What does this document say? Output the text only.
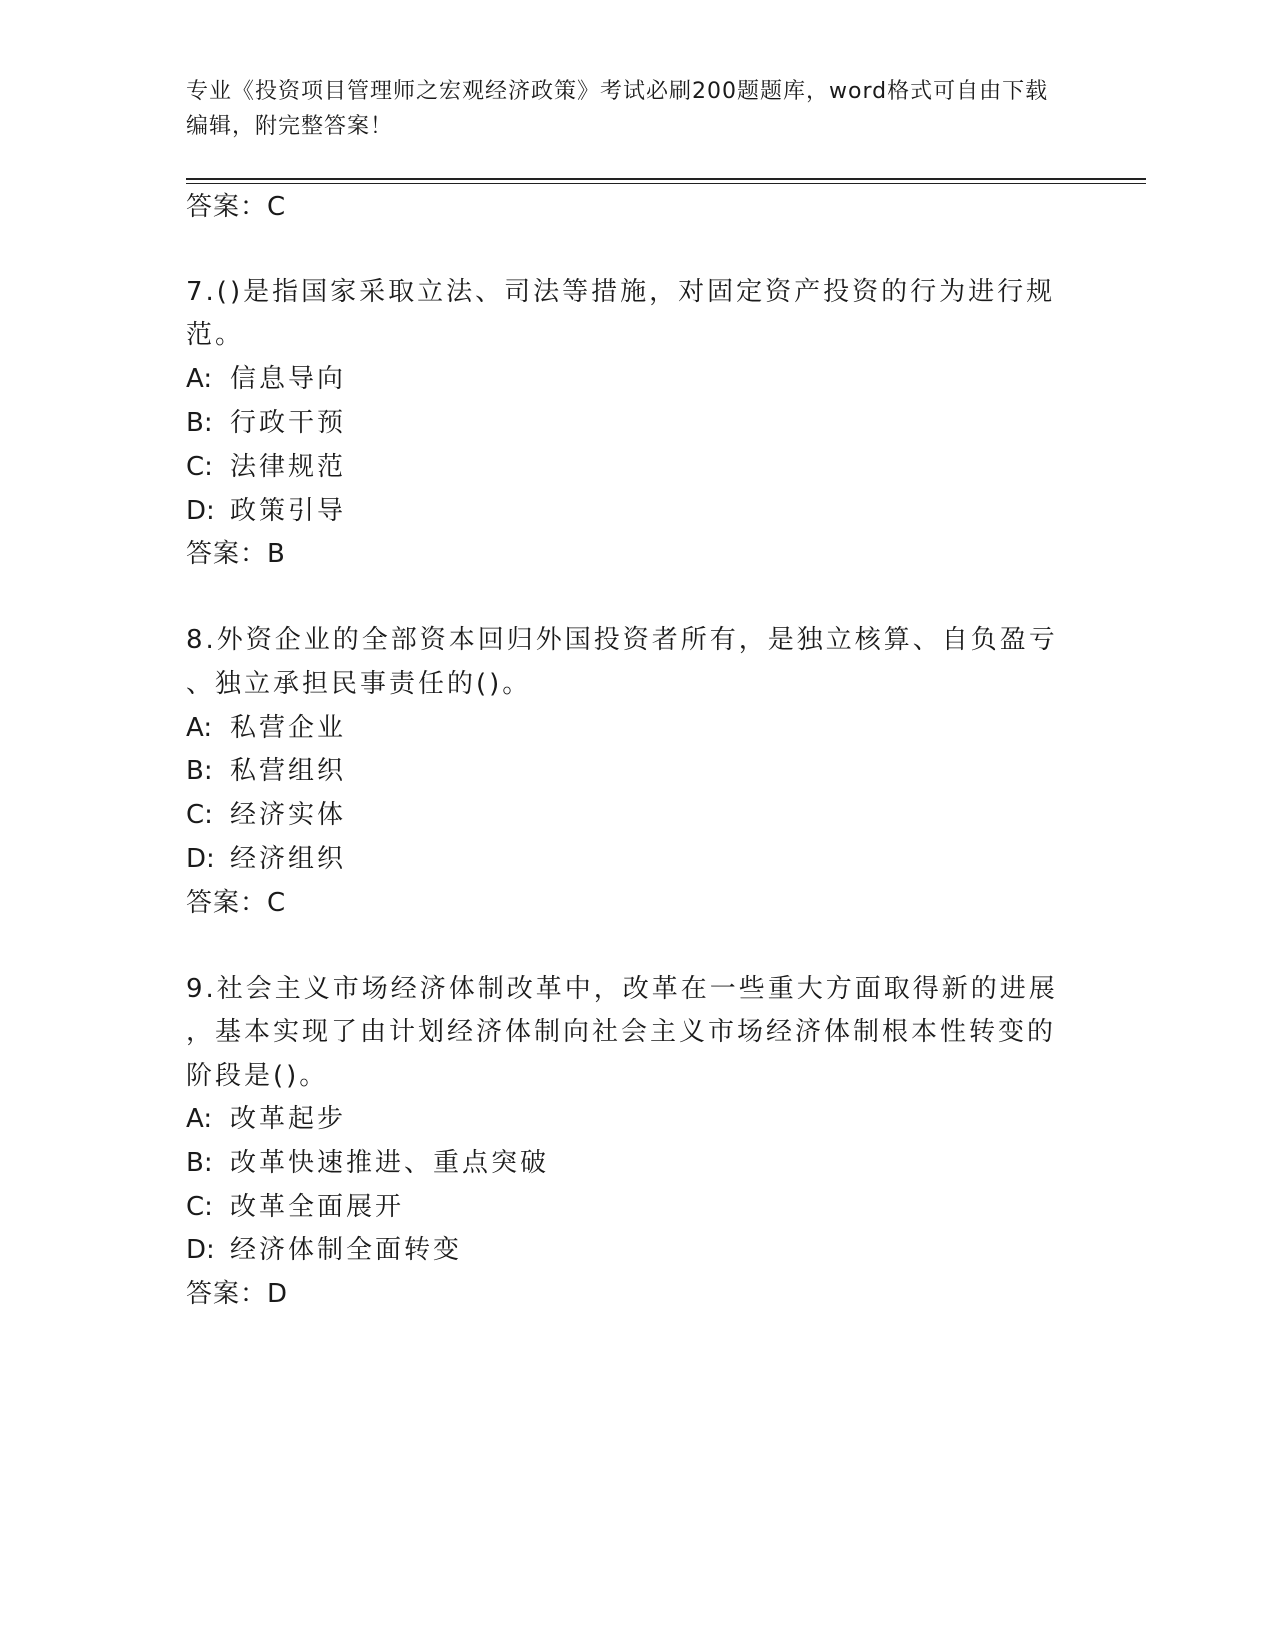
专业《投资项目管理师之宏观经济政策》考试必刷200题题库，word格式可自由下载编辑，附完整答案！
答案：C
7.()是指国家采取立法、司法等措施，对固定资产投资的行为进行规
范。
A: 信息导向
B: 行政干预
C: 法律规范
D: 政策引导
答案：B
8.外资企业的全部资本回归外国投资者所有，是独立核算、自负盈亏
、独立承担民事责任的()。
A: 私营企业
B: 私营组织
C: 经济实体
D: 经济组织
答案：C
9.社会主义市场经济体制改革中，改革在一些重大方面取得新的进展
，基本实现了由计划经济体制向社会主义市场经济体制根本性转变的
阶段是()。
A: 改革起步
B: 改革快速推进、重点突破
C: 改革全面展开
D: 经济体制全面转变
答案：D
